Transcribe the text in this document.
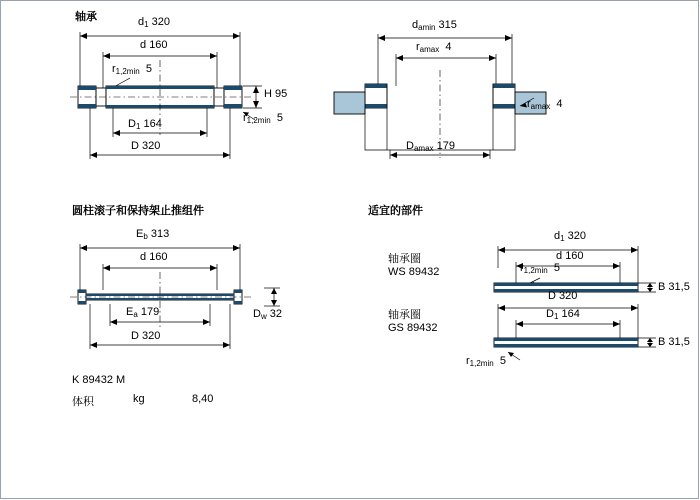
轴承
圆柱滚子和保持架止推组件	适宜的部件
$d_1$ 320
d 160
$r_{1,2min}$ 5
H 95
$r_{1,2min}$ 5
$D_1$ 164
D 320
$d_{amin}$ 315
$r_{amax}$ 4
$r_{amax}$ 4
$D_{amax}$ 179
$E_b$ 313
d 160
$D_w$ 32
$E_a$ 179
D 320
K 89432 M
体积	kg	8,40
轴承圈
WS 89432
$d_1$ 320
d 160
$r_{1,2min}$ 5
B 31,5
轴承圈
GS 89432
D 320
$D_1$ 164
B 31,5
$r_{1,2min}$ 5
